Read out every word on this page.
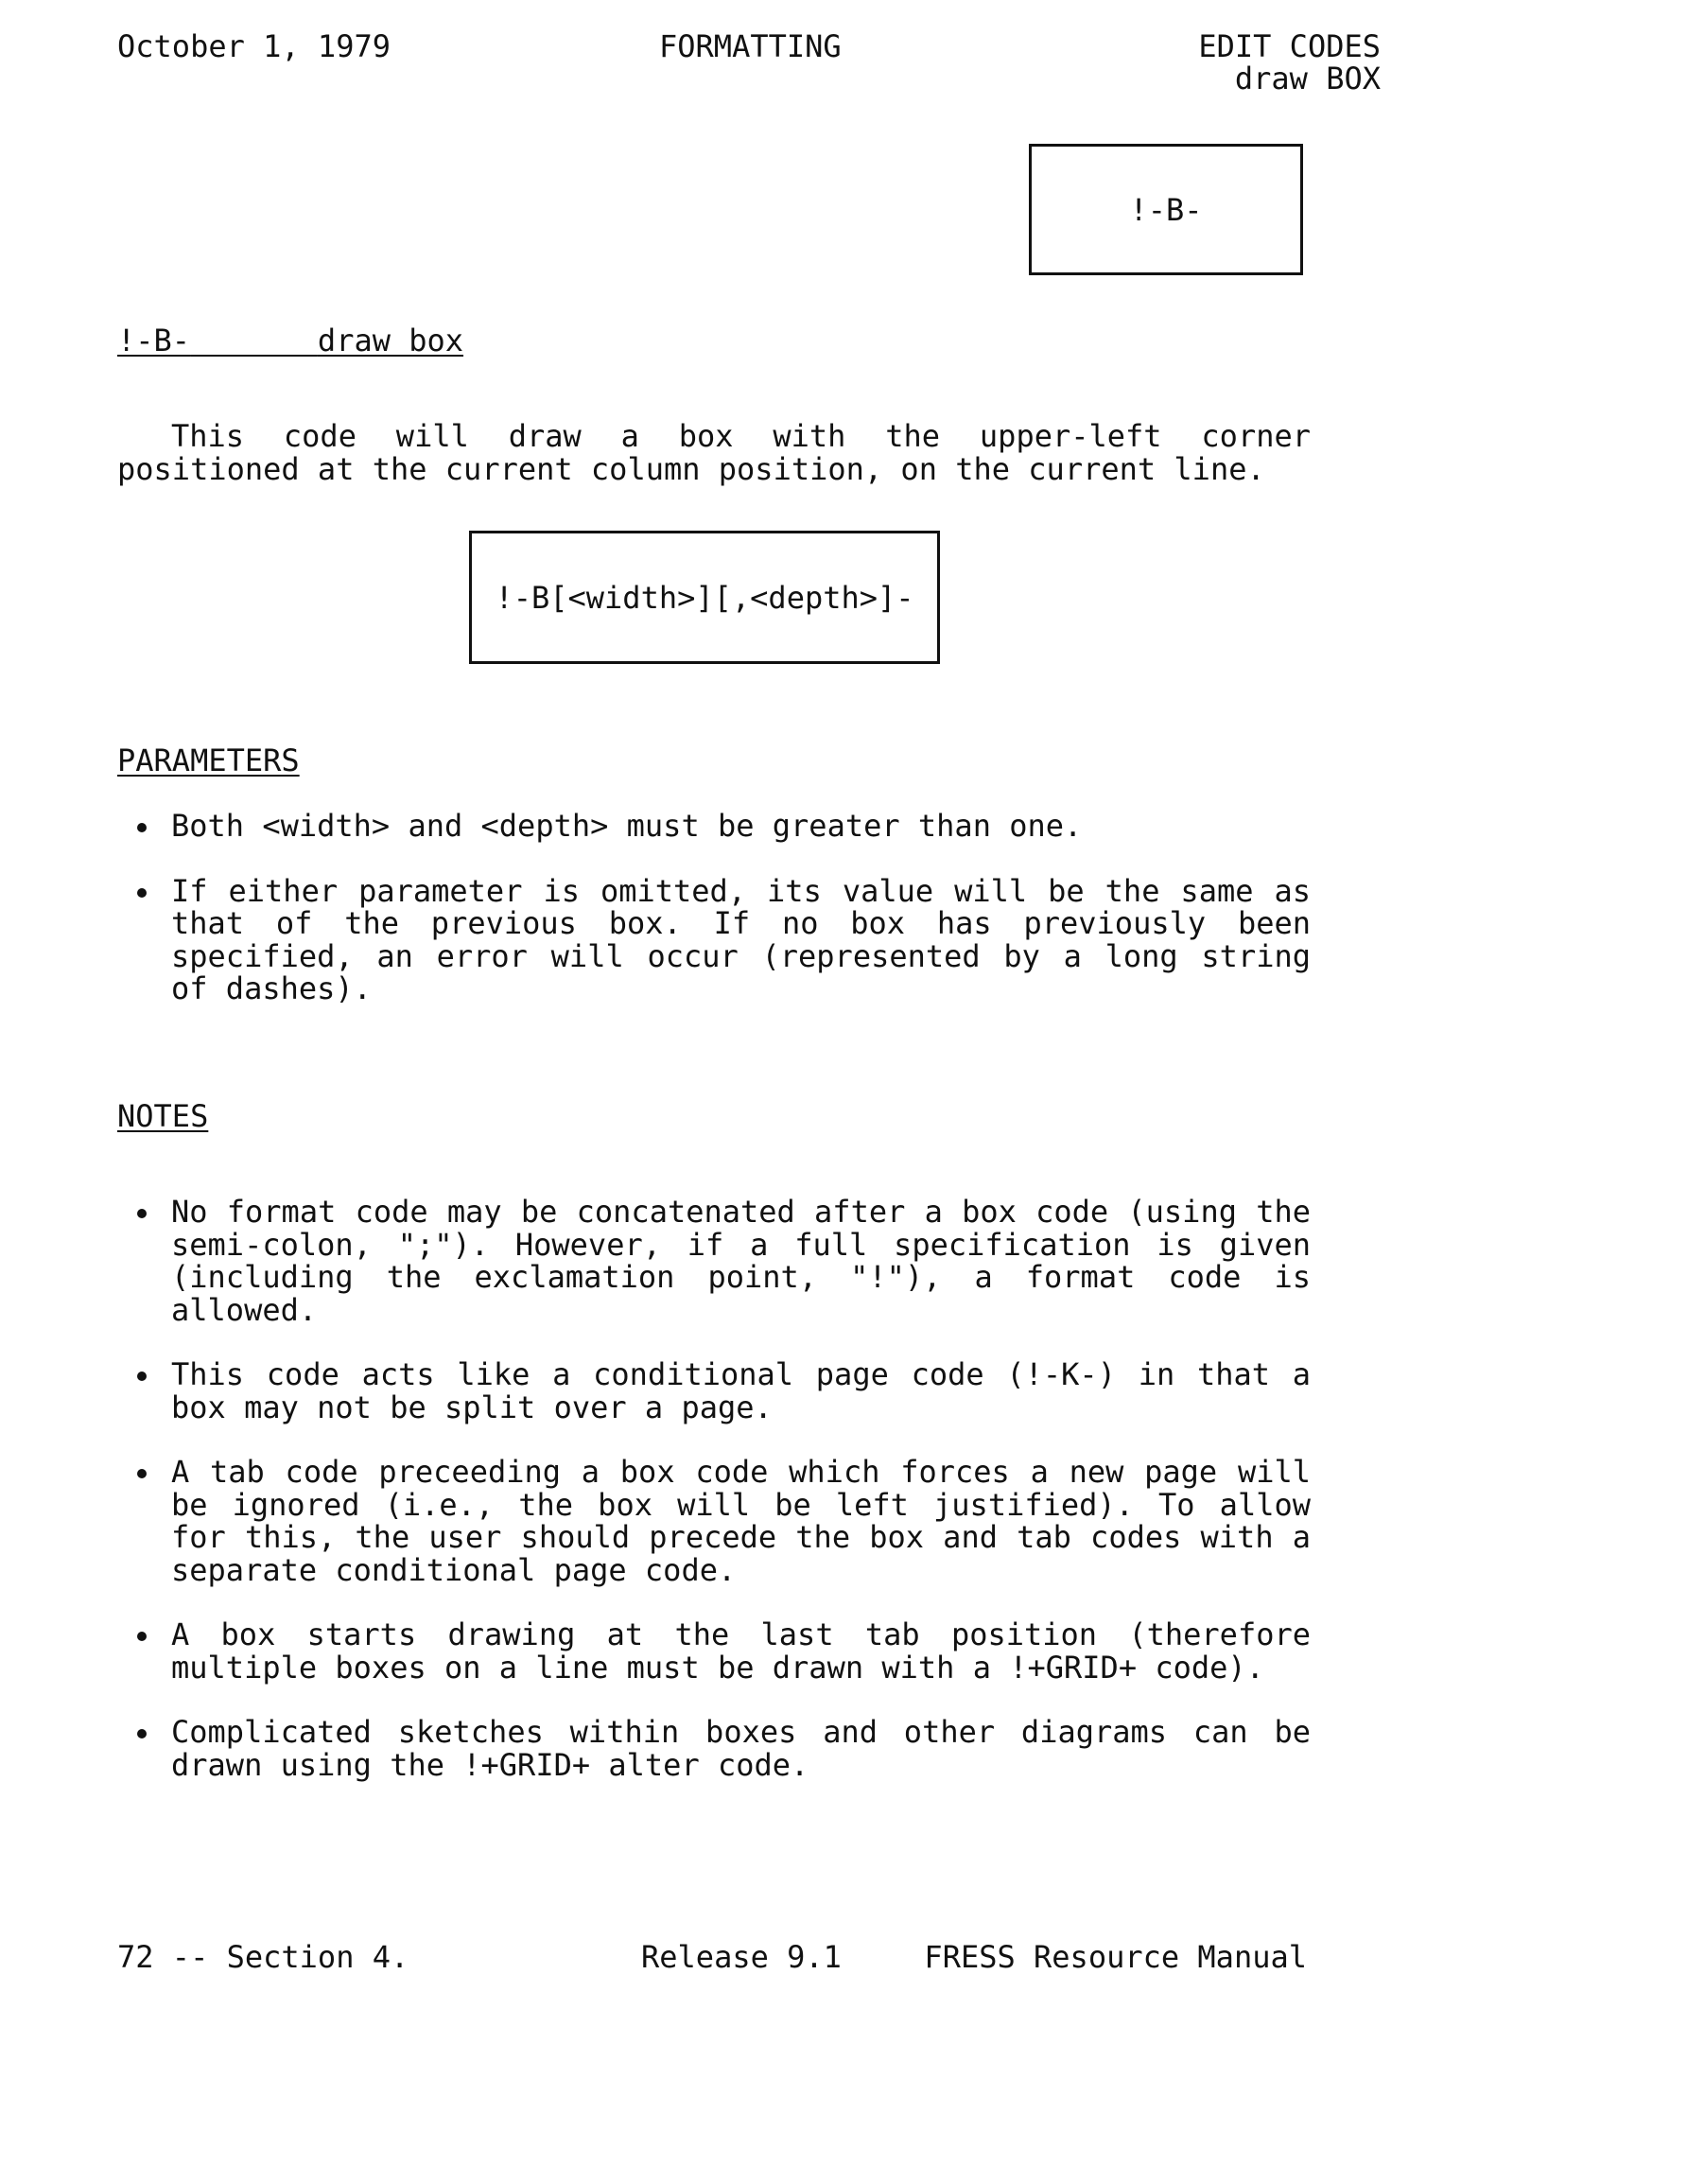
October 1, 1979	FORMATTING	EDIT CODES
draw BOX
!-B-
!-B-	draw box
This code will draw a box with the upper-left corner positioned at the current column position, on the current line.
!-B[<width>][,<depth>]-
PARAMETERS
Both <width> and <depth> must be greater than one.
If either parameter is omitted, its value will be the same as that of the previous box. If no box has previously been specified, an error will occur (represented by a long string of dashes).
NOTES
No format code may be concatenated after a box code (using the semi-colon, ";"). However, if a full specification is given (including the exclamation point, "!"), a format code is allowed.
This code acts like a conditional page code (!-K-) in that a box may not be split over a page.
A tab code preceeding a box code which forces a new page will be ignored (i.e., the box will be left justified). To allow for this, the user should precede the box and tab codes with a separate conditional page code.
A box starts drawing at the last tab position (therefore multiple boxes on a line must be drawn with a !+GRID+ code).
Complicated sketches within boxes and other diagrams can be drawn using the !+GRID+ alter code.
72 -- Section 4.	Release 9.1	FRESS Resource Manual
